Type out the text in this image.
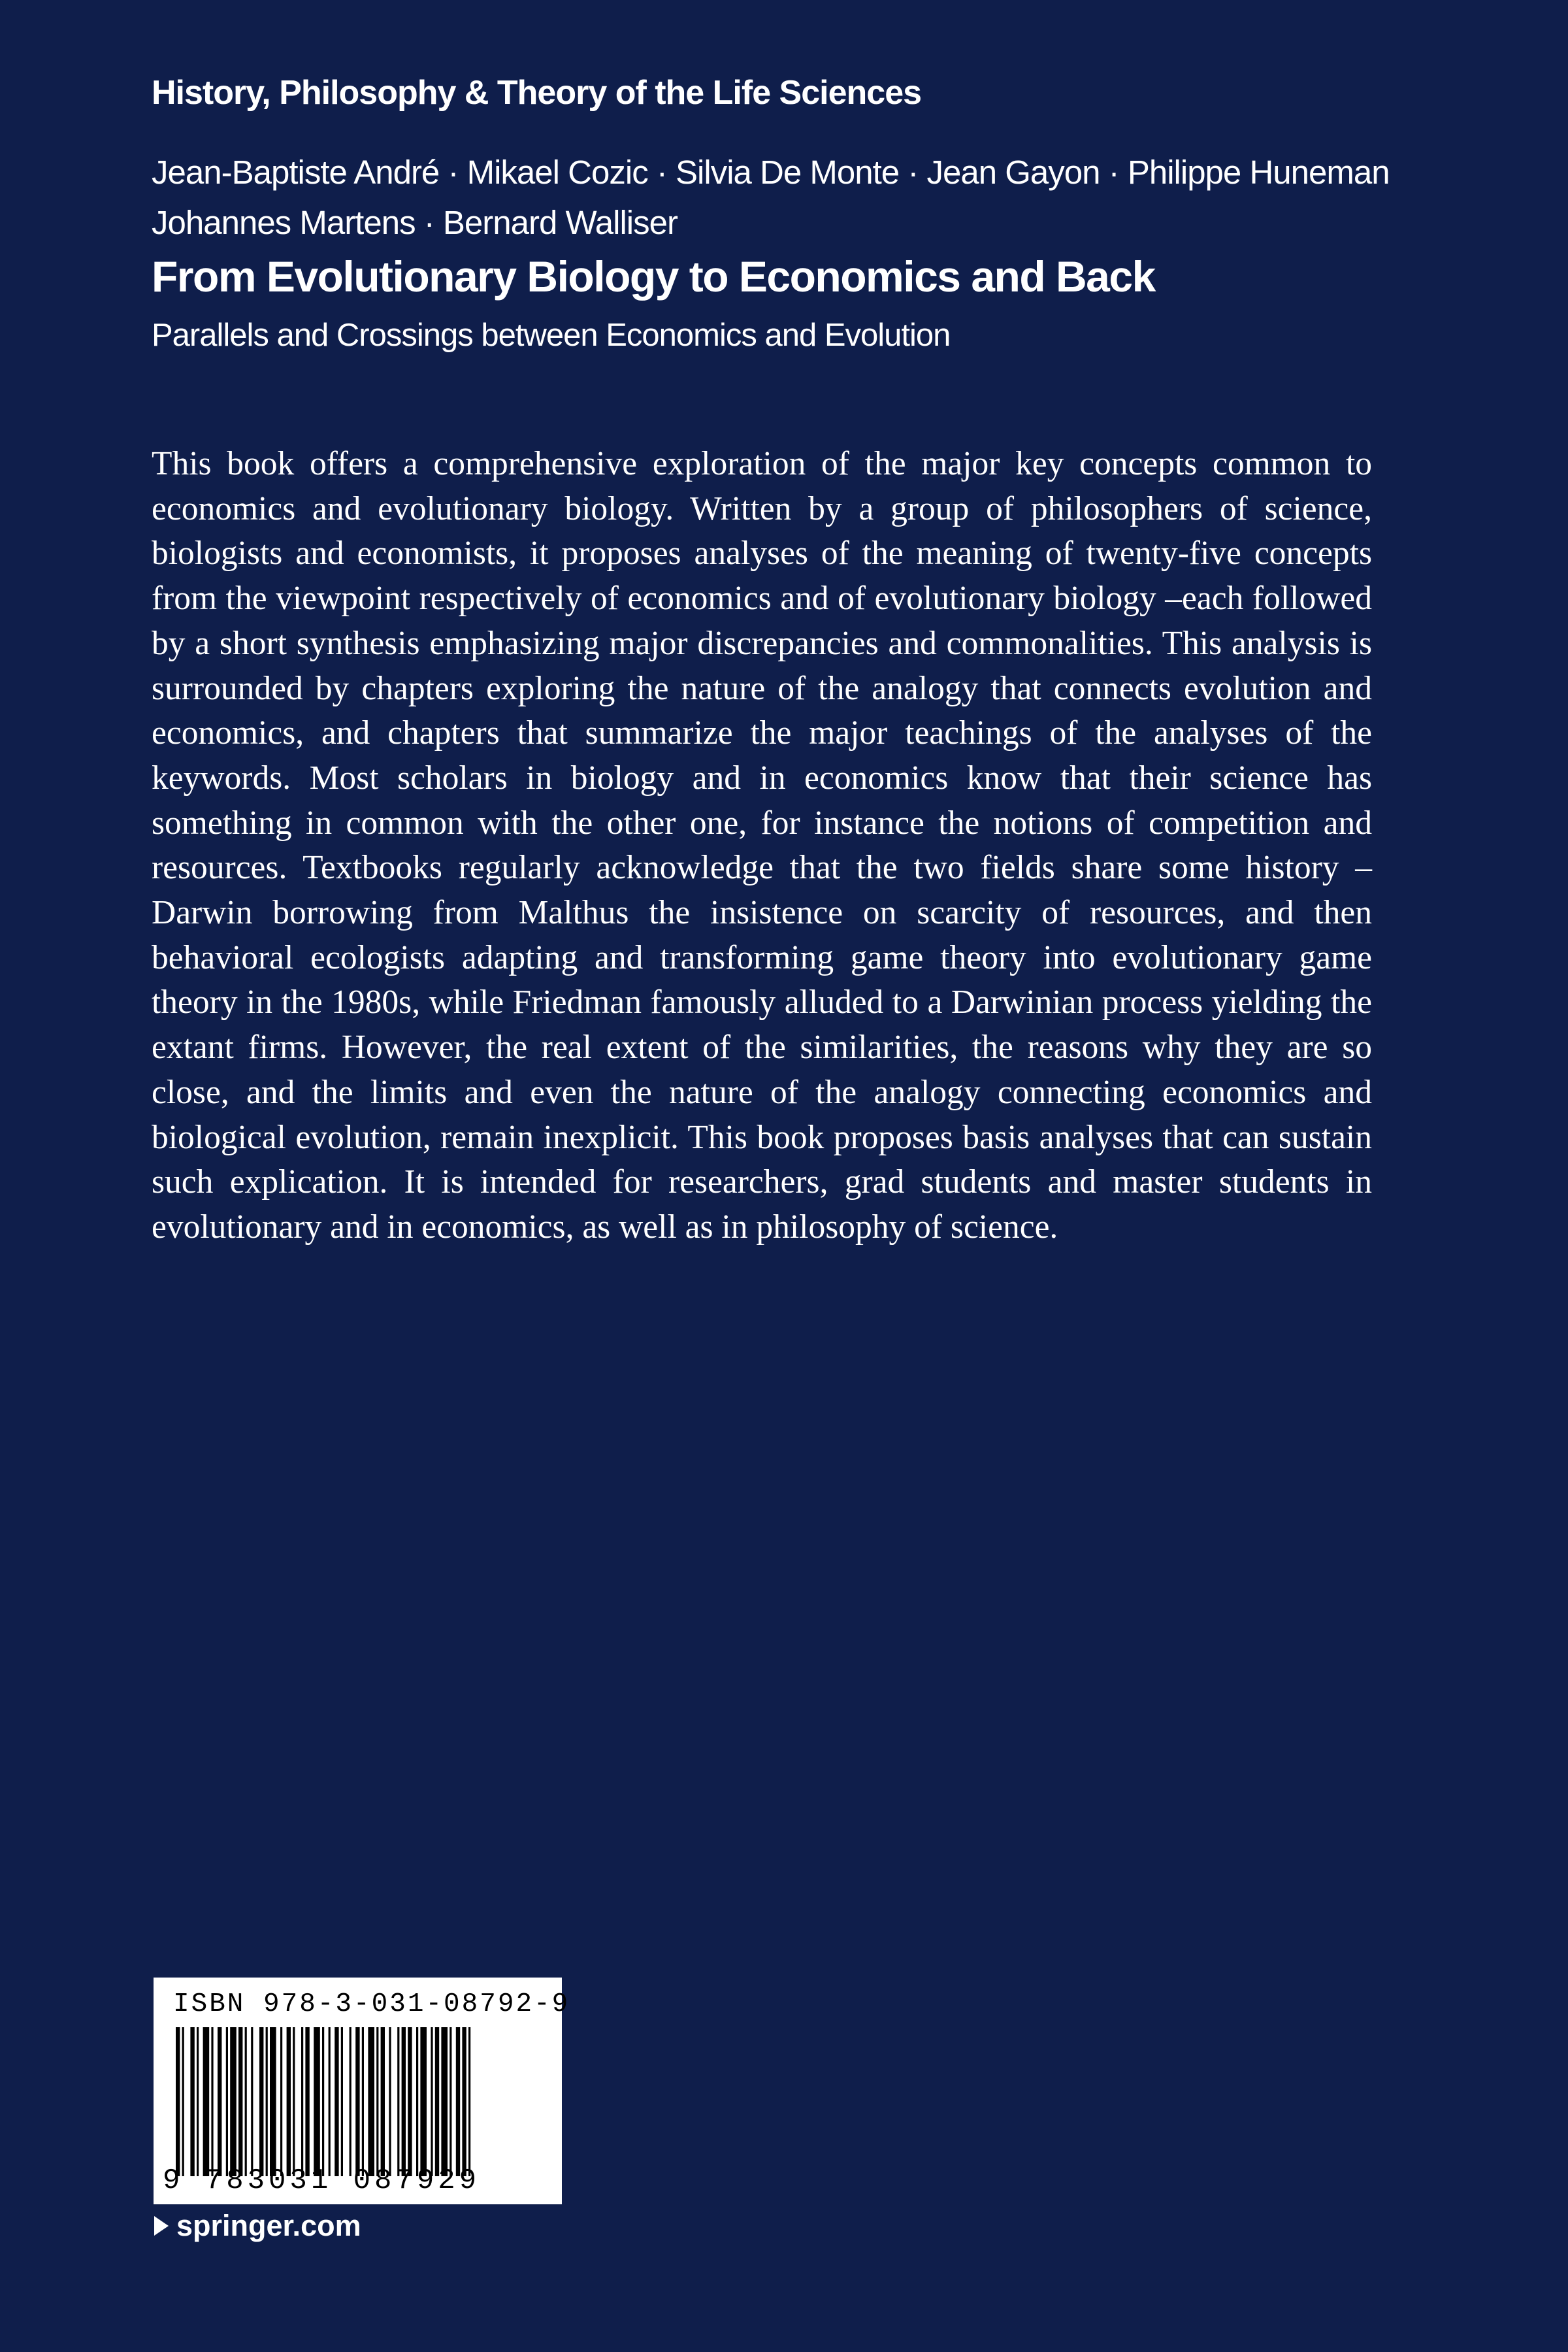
History, Philosophy & Theory of the Life Sciences
Jean-Baptiste André · Mikael Cozic · Silvia De Monte · Jean Gayon · Philippe Huneman
Johannes Martens · Bernard Walliser
From Evolutionary Biology to Economics and Back
Parallels and Crossings between Economics and Evolution

This book offers a comprehensive exploration of the major key concepts common to economics and evolutionary biology. Written by a group of philosophers of science, biologists and economists, it proposes analyses of the meaning of twenty-five concepts from the viewpoint respectively of economics and of evolutionary biology –each followed by a short synthesis emphasizing major discrepancies and commonalities. This analysis is surrounded by chapters exploring the nature of the analogy that connects evolution and economics, and chapters that summarize the major teachings of the analyses of the keywords. Most scholars in biology and in economics know that their science has something in common with the other one, for instance the notions of competition and resources. Textbooks regularly acknowledge that the two fields share some history – Darwin borrowing from Malthus the insistence on scarcity of resources, and then behavioral ecologists adapting and transforming game theory into evolutionary game theory in the 1980s, while Friedman famously alluded to a Darwinian process yielding the extant firms. However, the real extent of the similarities, the reasons why they are so close, and the limits and even the nature of the analogy connecting economics and biological evolution, remain inexplicit. This book proposes basis analyses that can sustain such explication. It is intended for researchers, grad students and master students in evolutionary and in economics, as well as in philosophy of science.

ISBN 978-3-031-08792-9
9 783031 087929
springer.com
